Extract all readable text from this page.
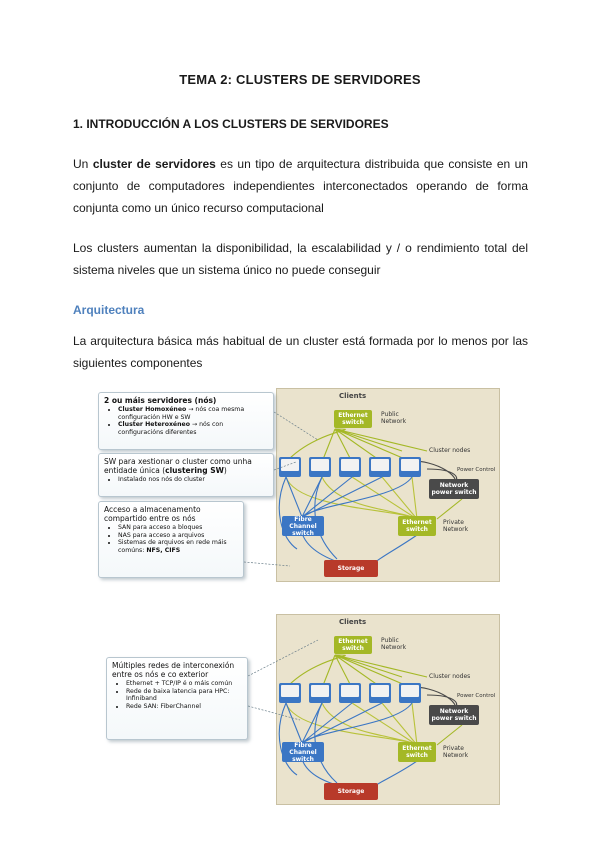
TEMA 2: CLUSTERS DE SERVIDORES
1. INTRODUCCIÓN A LOS CLUSTERS DE SERVIDORES
Un cluster de servidores es un tipo de arquitectura distribuida que consiste en un conjunto de computadores independientes interconectados operando de forma conjunta como un único recurso computacional
Los clusters aumentan la disponibilidad, la escalabilidad y / o rendimiento total del sistema niveles que un sistema único no puede conseguir
Arquitectura
La arquitectura básica más habitual de un cluster está formada por lo menos por las siguientes componentes
Clients
Ethernet switch
Public Network
Cluster nodes
Power Control
Network power switch
Fibre Channel switch
Ethernet switch
Private Network
Storage
Clients
Ethernet switch
Public Network
Cluster nodes
Power Control
Network power switch
Fibre Channel switch
Ethernet switch
Private Network
Storage
2 ou máis servidores (nós)
• Cluster Homoxéneo → nós coa mesma configuración HW e SW
• Cluster Heteroxéneo → nós con configuracións diferentes
SW para xestionar o cluster como unha entidade única (clustering SW)
• Instalado nos nós do cluster
Acceso a almacenamento compartido entre os nós
• SAN para acceso a bloques
• NAS para acceso a arquivos
• Sistemas de arquivos en rede máis comúns: NFS, CIFS
Múltiples redes de interconexión entre os nós e co exterior
• Ethernet + TCP/IP é o máis común
• Rede de baixa latencia para HPC: Infiniband
• Rede SAN: FiberChannel
